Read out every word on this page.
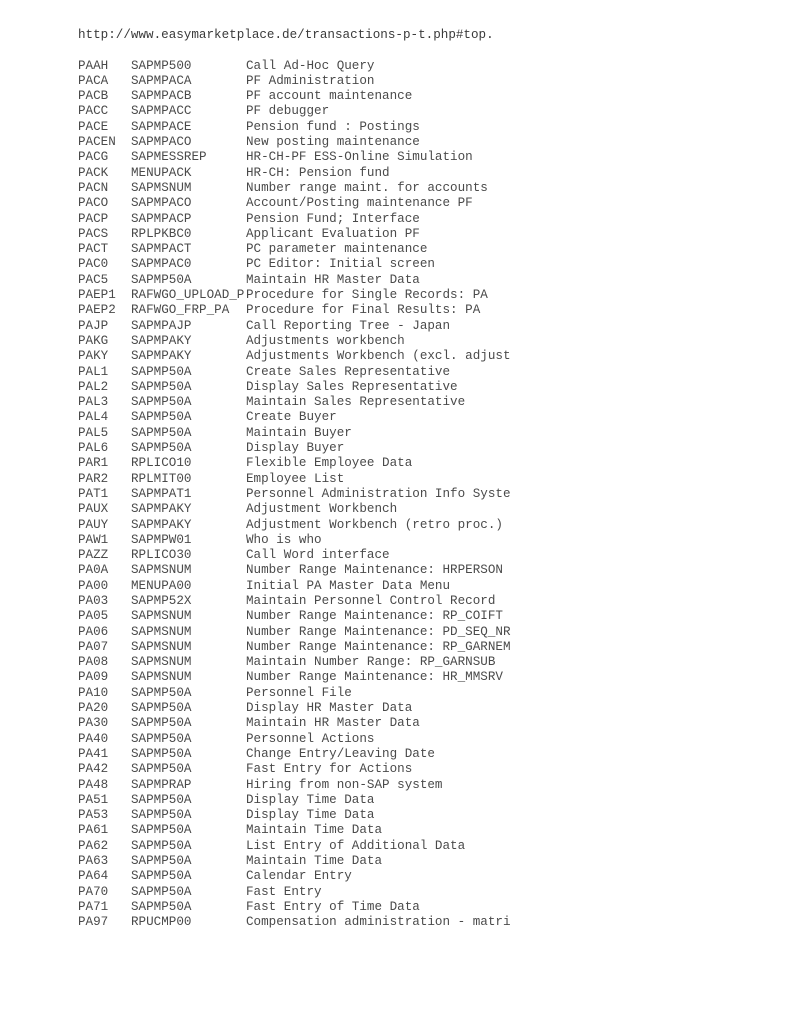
http://www.easymarketplace.de/transactions-p-t.php#top.
PAAH SAPMP500	Call Ad-Hoc Query
PACA SAPMPACA	PF Administration
PACB SAPMPACB	PF account maintenance
PACC SAPMPACC	PF debugger
PACE SAPMPACE	Pension fund : Postings
PACEN SAPMPACO	New posting maintenance
PACG SAPMESSREP	HR-CH-PF ESS-Online Simulation
PACK MENUPACK	HR-CH: Pension fund
PACN SAPMSNUM	Number range maint. for accounts
PACO SAPMPACO	Account/Posting maintenance PF
PACP SAPMPACP	Pension Fund; Interface
PACS RPLPKBC0	Applicant Evaluation PF
PACT SAPMPACT	PC parameter maintenance
PAC0 SAPMPAC0	PC Editor: Initial screen
PAC5 SAPMP50A	Maintain HR Master Data
PAEP1 RAFWGO_UPLOAD_P Procedure for Single Records: PA
PAEP2 RAFWGO_FRP_PA Procedure for Final Results: PA
PAJP SAPMPAJP	Call Reporting Tree - Japan
PAKG SAPMPAKY	Adjustments workbench
PAKY SAPMPAKY	Adjustments Workbench (excl. adjust
PAL1 SAPMP50A	Create Sales Representative
PAL2 SAPMP50A	Display Sales Representative
PAL3 SAPMP50A	Maintain Sales Representative
PAL4 SAPMP50A	Create Buyer
PAL5 SAPMP50A	Maintain Buyer
PAL6 SAPMP50A	Display Buyer
PAR1 RPLICO10	Flexible Employee Data
PAR2 RPLMIT00	Employee List
PAT1 SAPMPAT1	Personnel Administration Info Syste
PAUX SAPMPAKY	Adjustment Workbench
PAUY SAPMPAKY	Adjustment Workbench (retro proc.)
PAW1 SAPMPW01	Who is who
PAZZ RPLICO30	Call Word interface
PA0A SAPMSNUM	Number Range Maintenance: HRPERSON
PA00 MENUPA00	Initial PA Master Data Menu
PA03 SAPMP52X	Maintain Personnel Control Record
PA05 SAPMSNUM	Number Range Maintenance: RP_COIFT
PA06 SAPMSNUM	Number Range Maintenance: PD_SEQ_NR
PA07 SAPMSNUM	Number Range Maintenance: RP_GARNEM
PA08 SAPMSNUM	Maintain Number Range: RP_GARNSUB
PA09 SAPMSNUM	Number Range Maintenance: HR_MMSRV
PA10 SAPMP50A	Personnel File
PA20 SAPMP50A	Display HR Master Data
PA30 SAPMP50A	Maintain HR Master Data
PA40 SAPMP50A	Personnel Actions
PA41 SAPMP50A	Change Entry/Leaving Date
PA42 SAPMP50A	Fast Entry for Actions
PA48 SAPMPRAP	Hiring from non-SAP system
PA51 SAPMP50A	Display Time Data
PA53 SAPMP50A	Display Time Data
PA61 SAPMP50A	Maintain Time Data
PA62 SAPMP50A	List Entry of Additional Data
PA63 SAPMP50A	Maintain Time Data
PA64 SAPMP50A	Calendar Entry
PA70 SAPMP50A	Fast Entry
PA71 SAPMP50A	Fast Entry of Time Data
PA97 RPUCMP00	Compensation administration - matri
